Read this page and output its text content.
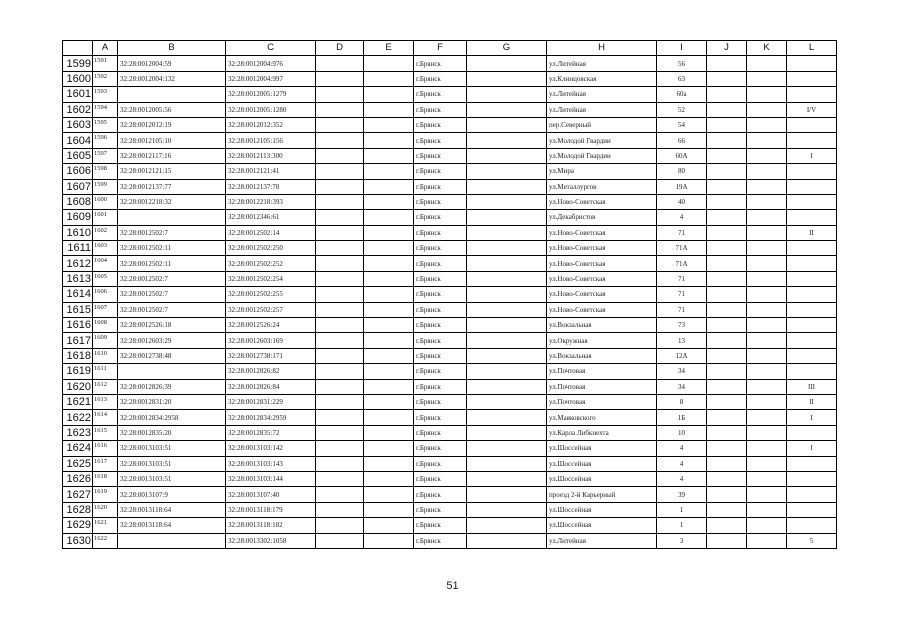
	A	B	C	D	E	F	G	H	I	J	K	L
1599	1591	32:28:0012004:59	32:28:0012004:976			г.Брянск		ул.Литейная	56			
1600	1592	32:28:0012004:132	32:28:0012004:997			г.Брянск		ул.Клинцовская	63			
1601	1593		32:28:0012005:1279			г.Брянск		ул.Литейная	60а			
1602	1594	32:28:0012005:56	32:28:0012005:1280			г.Брянск		ул.Литейная	52			I/V
1603	1595	32:28:0012012:19	32:28:0012012:352			г.Брянск		пер.Северный	54			
1604	1596	32:28:0012105:10	32:28:0012105:156			г.Брянск		ул.Молодой Гвардии	66			
1605	1597	32:28:0012117:16	32:28:0012113:300			г.Брянск		ул.Молодой Гвардии	60А			I
1606	1598	32:28:0012121:15	32:28:0012121:41			г.Брянск		ул.Мира	80			
1607	1599	32:28:0012137:77	32:28:0012137:78			г.Брянск		ул.Металлургов	19А			
1608	1600	32:28:0012218:32	32:28:0012218:393			г.Брянск		ул.Ново-Советская	40			
1609	1601		32:28:0012346:61			г.Брянск		ул.Декабристов	4			
1610	1602	32:28:0012502:7	32:28:0012502:14			г.Брянск		ул.Ново-Советская	71			II
1611	1603	32:28:0012502:11	32:28:0012502:250			г.Брянск		ул.Ново-Советская	71А			
1612	1604	32:28:0012502:11	32:28:0012502:252			г.Брянск		ул.Ново-Советская	71А			
1613	1605	32:28:0012502:7	32:28:0012502:254			г.Брянск		ул.Ново-Советская	71			
1614	1606	32:28:0012502:7	32:28:0012502:255			г.Брянск		ул.Ново-Советская	71			
1615	1607	32:28:0012502:7	32:28:0012502:257			г.Брянск		ул.Ново-Советская	71			
1616	1608	32:28:0012526:18	32:28:0012526:24			г.Брянск		ул.Вокзальная	73			
1617	1609	32:28:0012603:29	32:28:0012603:169			г.Брянск		ул.Окружная	13			
1618	1610	32:28:0012738:48	32:28:0012738:171			г.Брянск		ул.Вокзальная	12А			
1619	1611		32:28:0012826:82			г.Брянск		ул.Почтовая	34			
1620	1612	32:28:0012826:39	32:28:0012826:84			г.Брянск		ул.Почтовая	34			III
1621	1613	32:28:0012831:20	32:28:0012831:229			г.Брянск		ул.Почтовая	8			II
1622	1614	32:28:0012834:2958	32:28:0012834:2959			г.Брянск		ул.Маяковского	1Б			I
1623	1615	32:28:0012835:20	32:28:0012835:72			г.Брянск		ул.Карла Либкнехта	10			
1624	1616	32:28:0013103:51	32:28:0013103:142			г.Брянск		ул.Шоссейная	4			I
1625	1617	32:28:0013103:51	32:28:0013103:143			г.Брянск		ул.Шоссейная	4			
1626	1618	32:28:0013103:51	32:28:0013103:144			г.Брянск		ул.Шоссейная	4			
1627	1619	32:28:0013107:9	32:28:0013107:40			г.Брянск		проезд 2-й Карьерный	39			
1628	1620	32:28:0013118:64	32:28:0013118:179			г.Брянск		ул.Шоссейная	1			
1629	1621	32:28:0013118:64	32:28:0013118:182			г.Брянск		ул.Шоссейная	1			
1630	1622		32:28:0013302:1058			г.Брянск		ул.Литейная	3			5
51
